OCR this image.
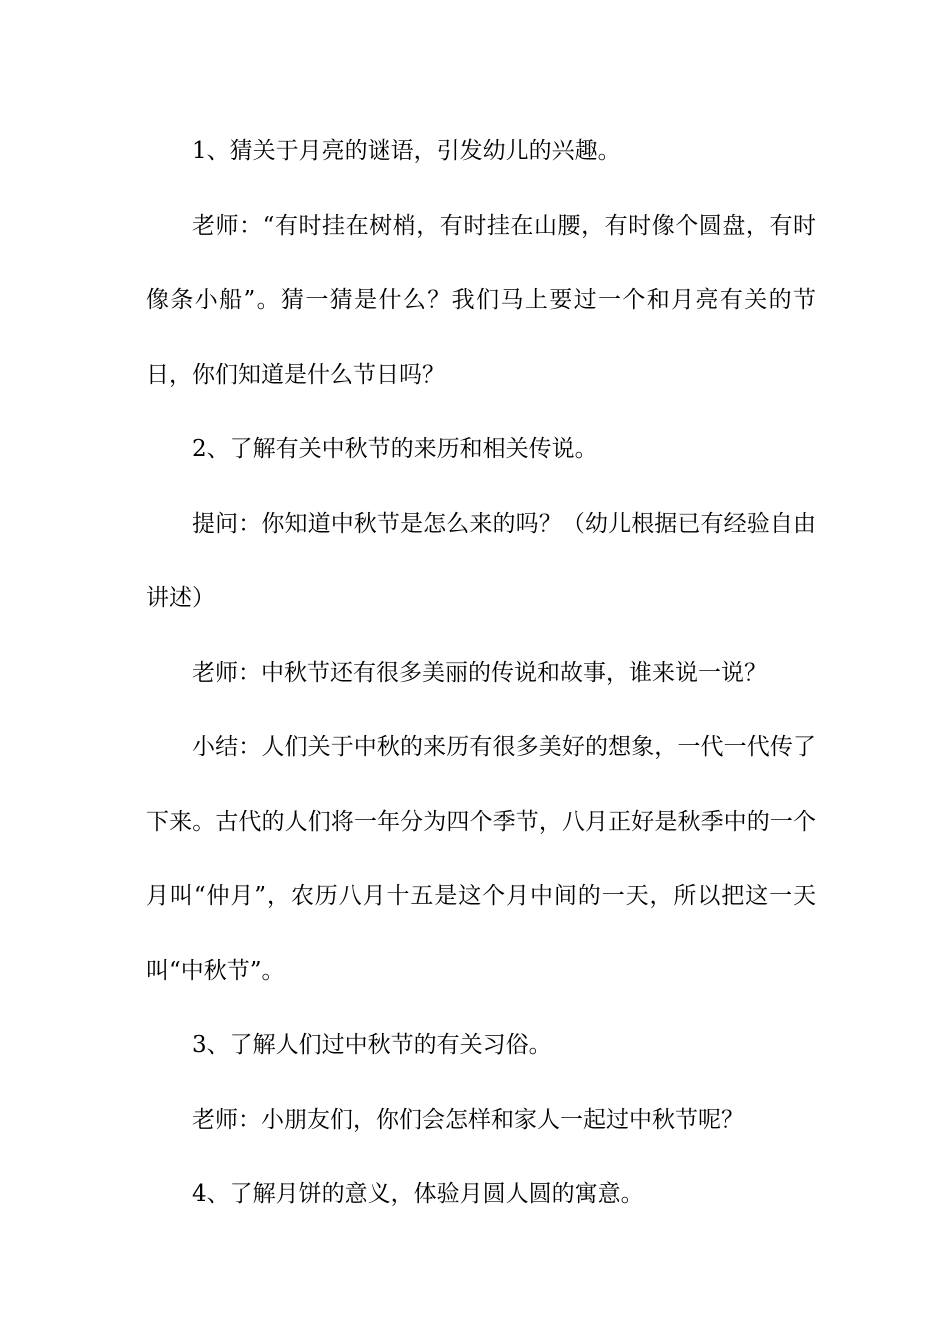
1、猜关于月亮的谜语，引发幼儿的兴趣。

老师：“有时挂在树梢，有时挂在山腰，有时像个圆盘，有时像条小船”。猜一猜是什么？我们马上要过一个和月亮有关的节日，你们知道是什么节日吗？

2、了解有关中秋节的来历和相关传说。

提问：你知道中秋节是怎么来的吗？（幼儿根据已有经验自由讲述）

老师：中秋节还有很多美丽的传说和故事，谁来说一说？

小结：人们关于中秋的来历有很多美好的想象，一代一代传了下来。古代的人们将一年分为四个季节，八月正好是秋季中的一个月叫“仲月”，农历八月十五是这个月中间的一天，所以把这一天叫“中秋节”。

3、了解人们过中秋节的有关习俗。

老师：小朋友们，你们会怎样和家人一起过中秋节呢？

4、了解月饼的意义，体验月圆人圆的寓意。
